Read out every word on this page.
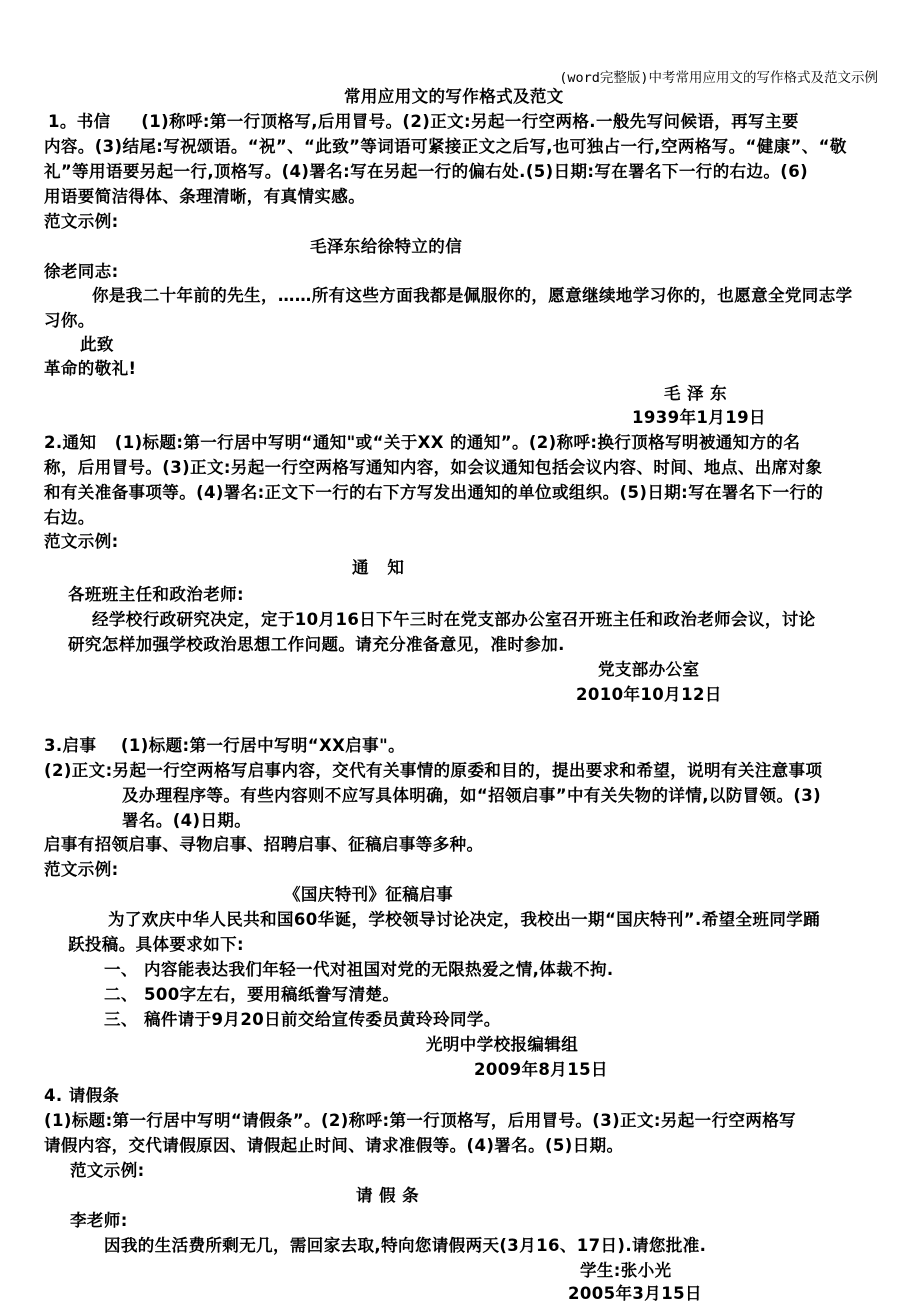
(word完整版)中考常用应用文的写作格式及范文示例
常用应用文的写作格式及范文
1。书信     (1)称呼:第一行顶格写,后用冒号。(2)正文:另起一行空两格.一般先写问候语，再写主要
内容。(3)结尾:写祝颂语。“祝”、“此致”等词语可紧接正文之后写,也可独占一行,空两格写。“健康”、“敬
礼”等用语要另起一行,顶格写。(4)署名:写在另起一行的偏右处.(5)日期:写在署名下一行的右边。(6)
用语要简洁得体、条理清晰，有真情实感。
范文示例:
毛泽东给徐特立的信
徐老同志:
你是我二十年前的先生，……所有这些方面我都是佩服你的，愿意继续地学习你的，也愿意全党同志学
习你。
此致
革命的敬礼!
毛 泽 东
1939年1月19日
2.通知   (1)标题:第一行居中写明“通知"或“关于XX 的通知”。(2)称呼:换行顶格写明被通知方的名
称，后用冒号。(3)正文:另起一行空两格写通知内容，如会议通知包括会议内容、时间、地点、出席对象
和有关准备事项等。(4)署名:正文下一行的右下方写发出通知的单位或组织。(5)日期:写在署名下一行的
右边。
范文示例:
通   知
各班班主任和政治老师:
经学校行政研究决定，定于10月16日下午三时在党支部办公室召开班主任和政治老师会议，讨论
研究怎样加强学校政治思想工作问题。请充分准备意见，准时参加.
党支部办公室
2010年10月12日
3.启事    (1)标题:第一行居中写明“XX启事"。
(2)正文:另起一行空两格写启事内容，交代有关事情的原委和目的，提出要求和希望，说明有关注意事项
及办理程序等。有些内容则不应写具体明确，如“招领启事”中有关失物的详情,以防冒领。(3)
署名。(4)日期。
启事有招领启事、寻物启事、招聘启事、征稿启事等多种。
范文示例:
《国庆特刊》征稿启事
为了欢庆中华人民共和国60华诞，学校领导讨论决定，我校出一期“国庆特刊”.希望全班同学踊
跃投稿。具体要求如下:
一、 内容能表达我们年轻一代对祖国对党的无限热爱之情,体裁不拘.
二、 500字左右，要用稿纸誊写清楚。
三、 稿件请于9月20日前交给宣传委员黄玲玲同学。
光明中学校报编辑组
2009年8月15日
4. 请假条
(1)标题:第一行居中写明“请假条”。(2)称呼:第一行顶格写，后用冒号。(3)正文:另起一行空两格写
请假内容，交代请假原因、请假起止时间、请求准假等。(4)署名。(5)日期。
范文示例:
请 假 条
李老师:
因我的生活费所剩无几，需回家去取,特向您请假两天(3月16、17日).请您批准.
学生:张小光
2005年3月15日
